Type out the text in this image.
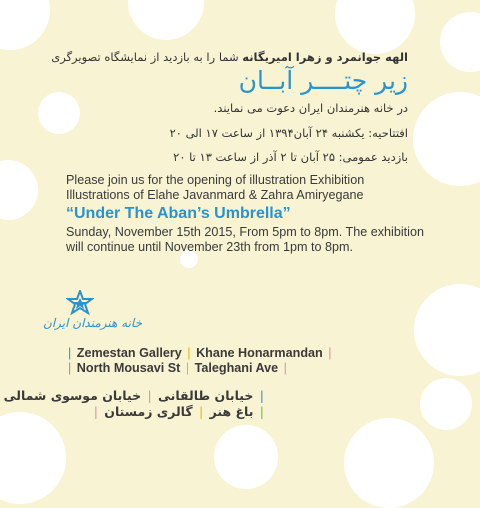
الهه جوانمرد و زهرا امیریگانه شما را به بازدید از نمایشگاه تصویرگری
زیر چتــــر آبــان
در خانه هنرمندان ایران دعوت می نمایند.
افتتاحیه: یکشنبه ۲۴ آبان۱۳۹۴ از ساعت ۱۷ الی ۲۰
بازدید عمومی: ۲۵ آبان تا ۲ آذر از ساعت ۱۳ تا ۲۰
Please join us for the opening of illustration Exhibition Illustrations of Elahe Javanmard & Zahra Amiryegane
“Under The Aban’s Umbrella”
Sunday, November 15th 2015, From 5pm to 8pm. The exhibition will continue until November 23th from 1pm to 8pm.
خانه هنرمندان ایران
| Zemestan Gallery | Khane Honarmandan |
| North Mousavi St | Taleghani Ave |
| خیابان طالقانی | خیابان موسوی شمالی
| باغ هنر | گالری زمستان |
